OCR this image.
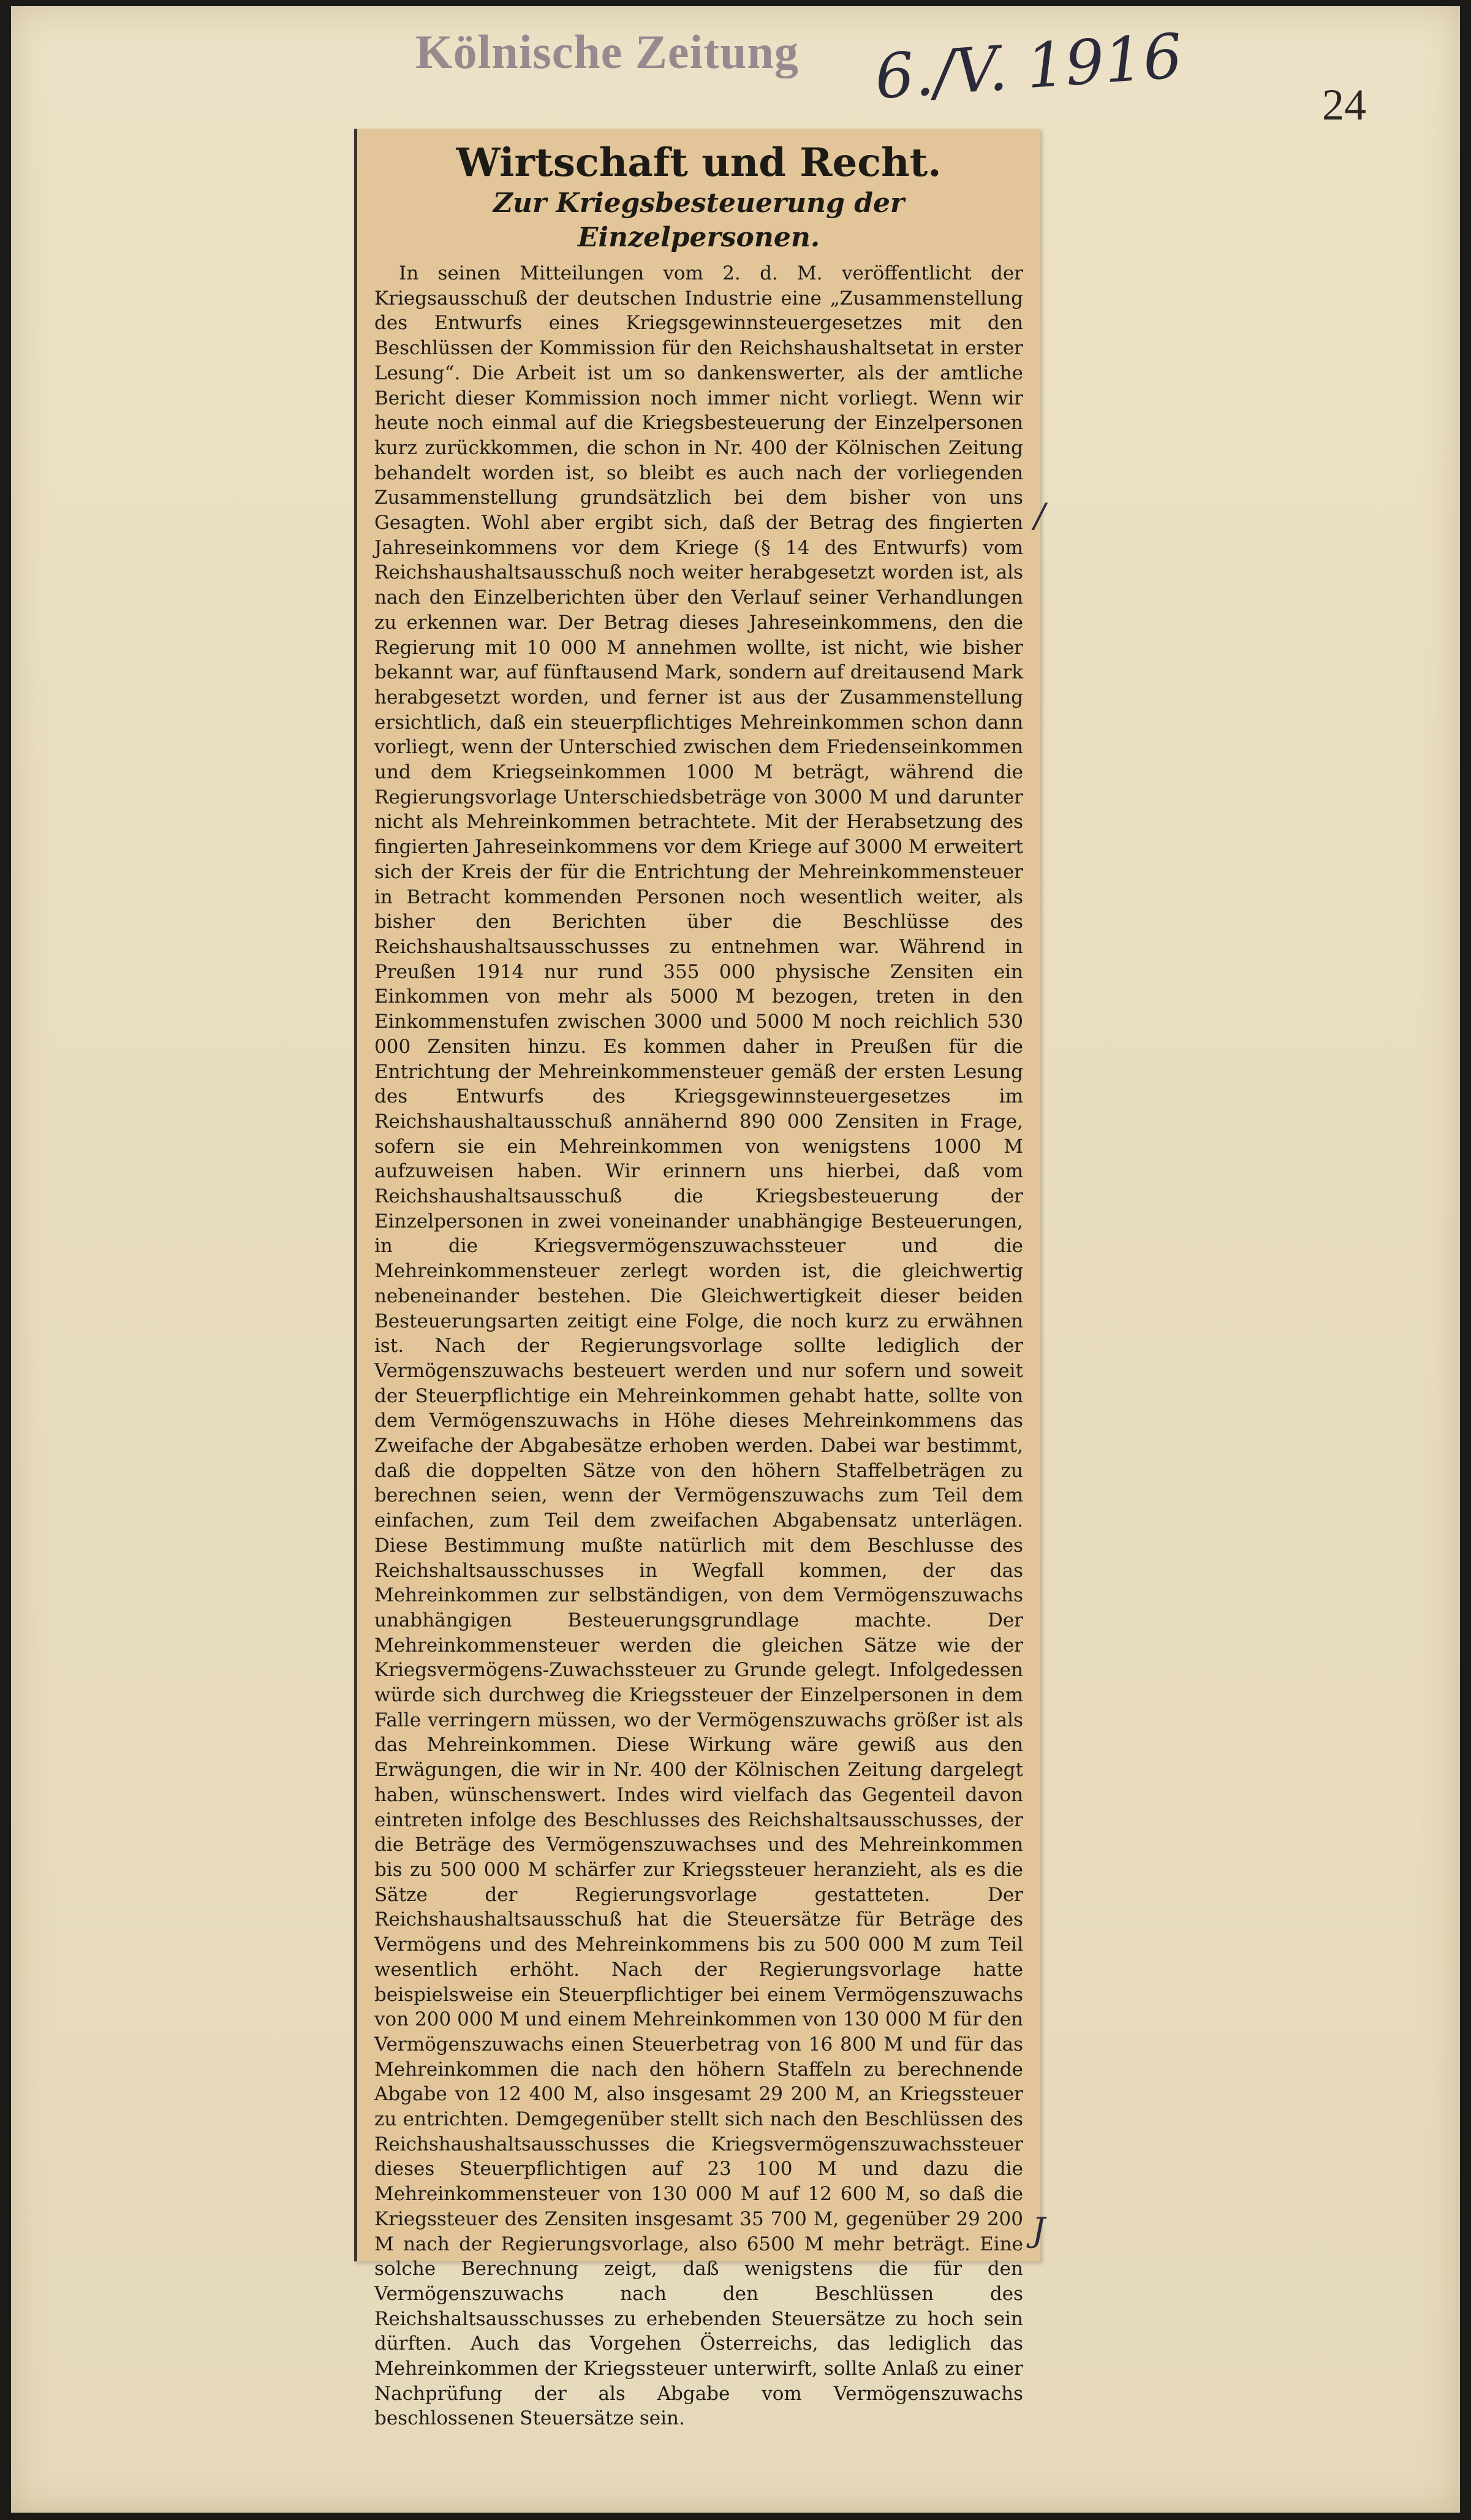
Kölnische Zeitung 6./V. 1916	24
Wirtschaft und Recht.
Zur Kriegsbesteuerung der Einzelpersonen.

In seinen Mitteilungen vom 2. d. M. veröffentlicht der Kriegsausschuß der deutschen Industrie eine „Zusammenstellung des Entwurfs eines Kriegsgewinnsteuergesetzes mit den Beschlüssen der Kommission für den Reichshaushaltsetat in erster Lesung“. Die Arbeit ist um so dankenswerter, als der amtliche Bericht dieser Kommission noch immer nicht vorliegt. Wenn wir heute noch einmal auf die Kriegsbesteuerung der Einzelpersonen kurz zurückkommen, die schon in Nr. 400 der Kölnischen Zeitung behandelt worden ist, so bleibt es auch nach der vorliegenden Zusammenstellung grundsätzlich bei dem bisher von uns Gesagten. Wohl aber ergibt sich, daß der Betrag des fingierten Jahreseinkommens vor dem Kriege (§ 14 des Entwurfs) vom Reichshaushaltsausschuß noch weiter herabgesetzt worden ist, als nach den Einzelberichten über den Verlauf seiner Verhandlungen zu erkennen war. Der Betrag dieses Jahreseinkommens, den die Regierung mit 10 000 M annehmen wollte, ist nicht, wie bisher bekannt war, auf fünftausend Mark, sondern auf dreitausend Mark herabgesetzt worden, und ferner ist aus der Zusammenstellung ersichtlich, daß ein steuerpflichtiges Mehreinkommen schon dann vorliegt, wenn der Unterschied zwischen dem Friedenseinkommen und dem Kriegseinkommen 1000 M beträgt, während die Regierungsvorlage Unterschiedsbeträge von 3000 M und darunter nicht als Mehreinkommen betrachtete. Mit der Herabsetzung des fingierten Jahreseinkommens vor dem Kriege auf 3000 M erweitert sich der Kreis der für die Entrichtung der Mehreinkommensteuer in Betracht kommenden Personen noch wesentlich weiter, als bisher den Berichten über die Beschlüsse des Reichshaushaltsausschusses zu entnehmen war. Während in Preußen 1914 nur rund 355 000 physische Zensiten ein Einkommen von mehr als 5000 M bezogen, treten in den Einkommenstufen zwischen 3000 und 5000 M noch reichlich 530 000 Zensiten hinzu. Es kommen daher in Preußen für die Entrichtung der Mehreinkommensteuer gemäß der ersten Lesung des Entwurfs des Kriegsgewinnsteuergesetzes im Reichshaushaltausschuß annähernd 890 000 Zensiten in Frage, sofern sie ein Mehreinkommen von wenigstens 1000 M aufzuweisen haben. Wir erinnern uns hierbei, daß vom Reichshaushaltsausschuß die Kriegsbesteuerung der Einzelpersonen in zwei voneinander unabhängige Besteuerungen, in die Kriegsvermögenszuwachssteuer und die Mehreinkommensteuer zerlegt worden ist, die gleichwertig nebeneinander bestehen. Die Gleichwertigkeit dieser beiden Besteuerungsarten zeitigt eine Folge, die noch kurz zu erwähnen ist. Nach der Regierungsvorlage sollte lediglich der Vermögenszuwachs besteuert werden und nur sofern und soweit der Steuerpflichtige ein Mehreinkommen gehabt hatte, sollte von dem Vermögenszuwachs in Höhe dieses Mehreinkommens das Zweifache der Abgabesätze erhoben werden. Dabei war bestimmt, daß die doppelten Sätze von den höhern Staffelbeträgen zu berechnen seien, wenn der Vermögenszuwachs zum Teil dem einfachen, zum Teil dem zweifachen Abgabensatz unterlägen. Diese Bestimmung mußte natürlich mit dem Beschlusse des Reichshaltsausschusses in Wegfall kommen, der das Mehreinkommen zur selbständigen, von dem Vermögenszuwachs unabhängigen Besteuerungsgrundlage machte. Der Mehreinkommensteuer werden die gleichen Sätze wie der Kriegsvermögens-Zuwachssteuer zu Grunde gelegt. Infolgedessen würde sich durchweg die Kriegssteuer der Einzelpersonen in dem Falle verringern müssen, wo der Vermögenszuwachs größer ist als das Mehreinkommen. Diese Wirkung wäre gewiß aus den Erwägungen, die wir in Nr. 400 der Kölnischen Zeitung dargelegt haben, wünschenswert. Indes wird vielfach das Gegenteil davon eintreten infolge des Beschlusses des Reichshaltsausschusses, der die Beträge des Vermögenszuwachses und des Mehreinkommen bis zu 500 000 M schärfer zur Kriegssteuer heranzieht, als es die Sätze der Regierungsvorlage gestatteten. Der Reichshaushaltsausschuß hat die Steuersätze für Beträge des Vermögens und des Mehreinkommens bis zu 500 000 M zum Teil wesentlich erhöht. Nach der Regierungsvorlage hatte beispielsweise ein Steuerpflichtiger bei einem Vermögenszuwachs von 200 000 M und einem Mehreinkommen von 130 000 M für den Vermögenszuwachs einen Steuerbetrag von 16 800 M und für das Mehreinkommen die nach den höhern Staffeln zu berechnende Abgabe von 12 400 M, also insgesamt 29 200 M, an Kriegssteuer zu entrichten. Demgegenüber stellt sich nach den Beschlüssen des Reichshaushaltsausschusses die Kriegsvermögenszuwachssteuer dieses Steuerpflichtigen auf 23 100 M und dazu die Mehreinkommensteuer von 130 000 M auf 12 600 M, so daß die Kriegssteuer des Zensiten insgesamt 35 700 M, gegenüber 29 200 M nach der Regierungsvorlage, also 6500 M mehr beträgt. Eine solche Berechnung zeigt, daß wenigstens die für den Vermögenszuwachs nach den Beschlüssen des Reichshaltsausschusses zu erhebenden Steuersätze zu hoch sein dürften. Auch das Vorgehen Österreichs, das lediglich das Mehreinkommen der Kriegssteuer unterwirft, sollte Anlaß zu einer Nachprüfung der als Abgabe vom Vermögenszuwachs beschlossenen Steuersätze sein.

/
J
